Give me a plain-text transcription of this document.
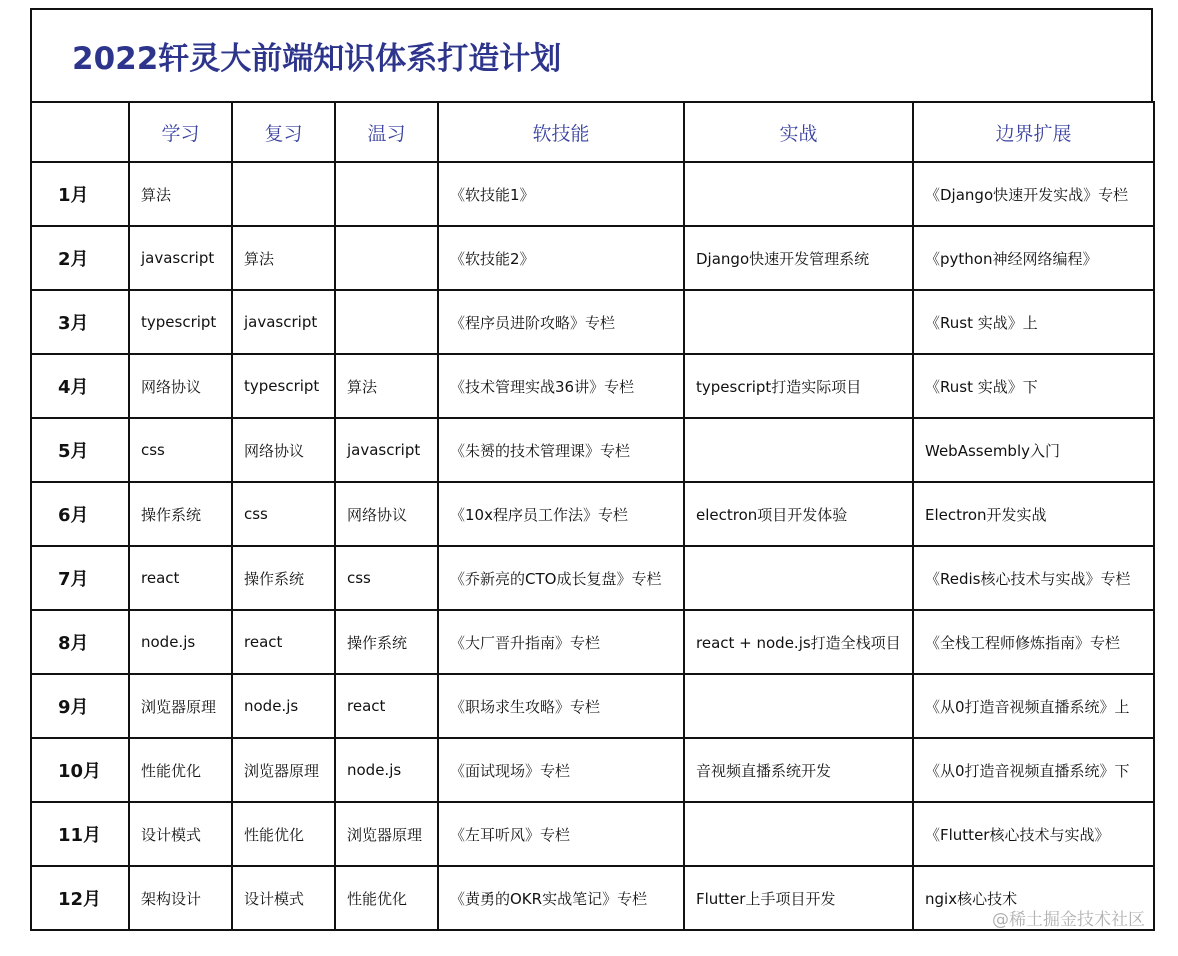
2022轩灵大前端知识体系打造计划
	学习	复习	温习	软技能	实战	边界扩展
1月	算法			《软技能1》		《Django快速开发实战》专栏
2月	javascript	算法		《软技能2》	Django快速开发管理系统	《python神经网络编程》
3月	typescript	javascript		《程序员进阶攻略》专栏		《Rust 实战》上
4月	网络协议	typescript	算法	《技术管理实战36讲》专栏	typescript打造实际项目	《Rust 实战》下
5月	css	网络协议	javascript	《朱赟的技术管理课》专栏		WebAssembly入门
6月	操作系统	css	网络协议	《10x程序员工作法》专栏	electron项目开发体验	Electron开发实战
7月	react	操作系统	css	《乔新亮的CTO成长复盘》专栏		《Redis核心技术与实战》专栏
8月	node.js	react	操作系统	《大厂晋升指南》专栏	react + node.js打造全栈项目	《全栈工程师修炼指南》专栏
9月	浏览器原理	node.js	react	《职场求生攻略》专栏		《从0打造音视频直播系统》上
10月	性能优化	浏览器原理	node.js	《面试现场》专栏	音视频直播系统开发	《从0打造音视频直播系统》下
11月	设计模式	性能优化	浏览器原理	《左耳听风》专栏		《Flutter核心技术与实战》
12月	架构设计	设计模式	性能优化	《黄勇的OKR实战笔记》专栏	Flutter上手项目开发	ngix核心技术
@稀土掘金技术社区
